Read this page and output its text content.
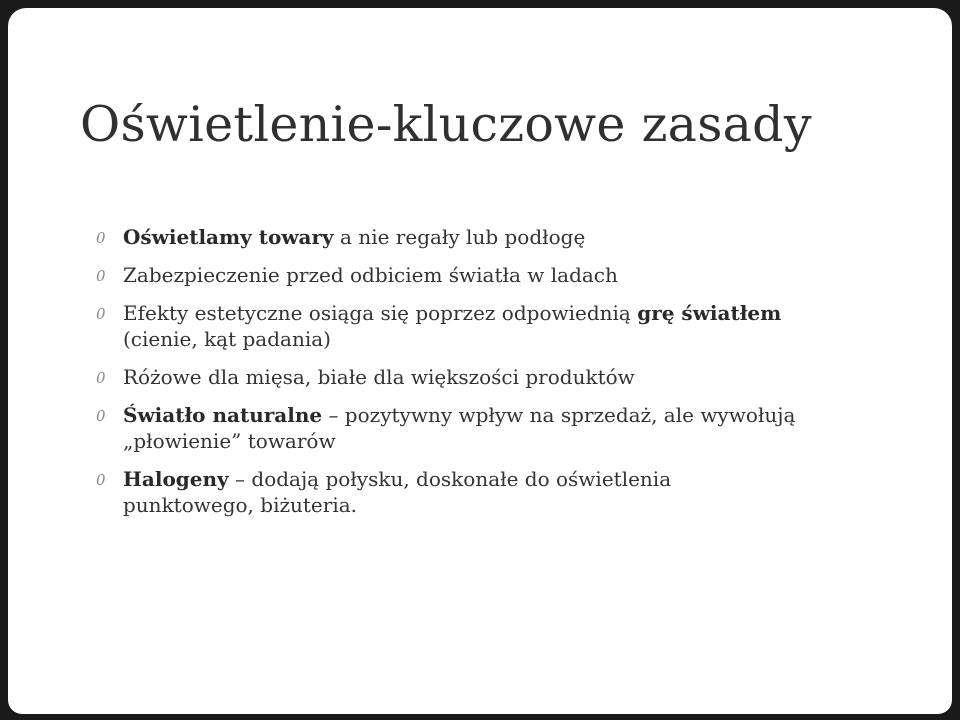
Oświetlenie-kluczowe zasady
0 Oświetlamy towary a nie regały lub podłogę
0 Zabezpieczenie przed odbiciem światła w ladach
0 Efekty estetyczne osiąga się poprzez odpowiednią grę światłem (cienie, kąt padania)
0 Różowe dla mięsa, białe dla większości produktów
0 Światło naturalne – pozytywny wpływ na sprzedaż, ale wywołują „płowienie” towarów
0 Halogeny – dodają połysku, doskonałe do oświetlenia punktowego, biżuteria.
